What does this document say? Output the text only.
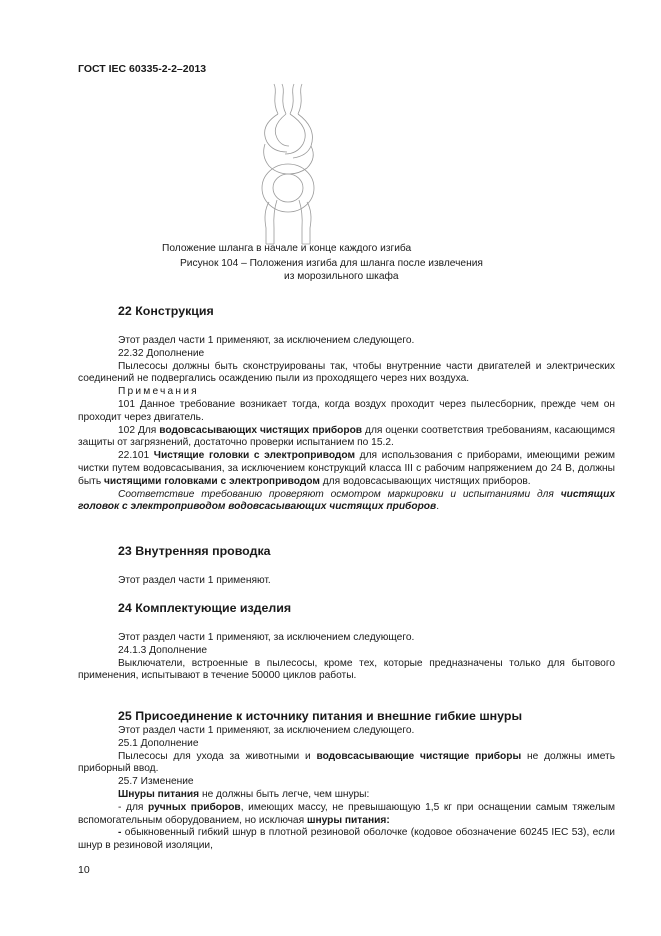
ГОСТ IEC 60335-2-2–2013
Положение шланга в начале и конце каждого изгиба
Рисунок 104 – Положения изгиба для шланга после извлечения
из морозильного шкафа
22 Конструкция
Этот раздел части 1 применяют, за исключением следующего.
22.32 Дополнение
Пылесосы должны быть сконструированы так, чтобы внутренние части двигателей и электрических соединений не подвергались осаждению пыли из проходящего через них воздуха.
Примечания
101 Данное требование возникает тогда, когда воздух проходит через пылесборник, прежде чем он проходит через двигатель.
102 Для водовсасывающих чистящих приборов для оценки соответствия требованиям, касающимся защиты от загрязнений, достаточно проверки испытанием по 15.2.
22.101 Чистящие головки с электроприводом для использования с приборами, имеющими режим чистки путем водовсасывания, за исключением конструкций класса III с рабочим напряжением до 24 В, должны быть чистящими головками с электроприводом для водовсасывающих чистящих приборов.
Соответствие требованию проверяют осмотром маркировки и испытаниями для чистящих головок с электроприводом водовсасывающих чистящих приборов.
23 Внутренняя проводка
Этот раздел части 1 применяют.
24 Комплектующие изделия
Этот раздел части 1 применяют, за исключением следующего.
24.1.3 Дополнение
Выключатели, встроенные в пылесосы, кроме тех, которые предназначены только для бытового применения, испытывают в течение 50000 циклов работы.
25 Присоединение к источнику питания и внешние гибкие шнуры
Этот раздел части 1 применяют, за исключением следующего.
25.1 Дополнение
Пылесосы для ухода за животными и водовсасывающие чистящие приборы не должны иметь приборный ввод.
25.7 Изменение
Шнуры питания не должны быть легче, чем шнуры:
- для ручных приборов, имеющих массу, не превышающую 1,5 кг при оснащении самым тяжелым вспомогательным оборудованием, но исключая шнуры питания:
- обыкновенный гибкий шнур в плотной резиновой оболочке (кодовое обозначение 60245 IEC 53), если шнур в резиновой изоляции,
10
